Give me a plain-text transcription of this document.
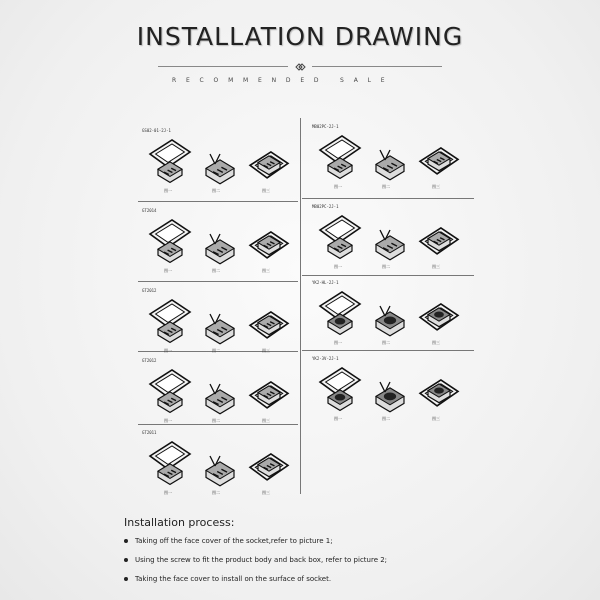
INSTALLATION DRAWING
RECOMMENDED SALE
GS02-01-2J-1
图一	图二	图三
GT2014
图一	图二	图三
GT2012
图一	图二	图三
GT2012
图一	图二	图三
GT2011
图一	图二	图三
MB02PC-2J-1
图一	图二	图三
MB02PC-2J-1
图一	图二	图三
YK2-HL-2J-1
图一	图二	图三
YK2-3V-2J-1
图一	图二	图三
Installation process:
Taking off the face cover of the socket,refer to picture 1;
Using the screw to fit the product body and back box, refer to picture 2;
Taking the face cover to install on the surface of socket.
